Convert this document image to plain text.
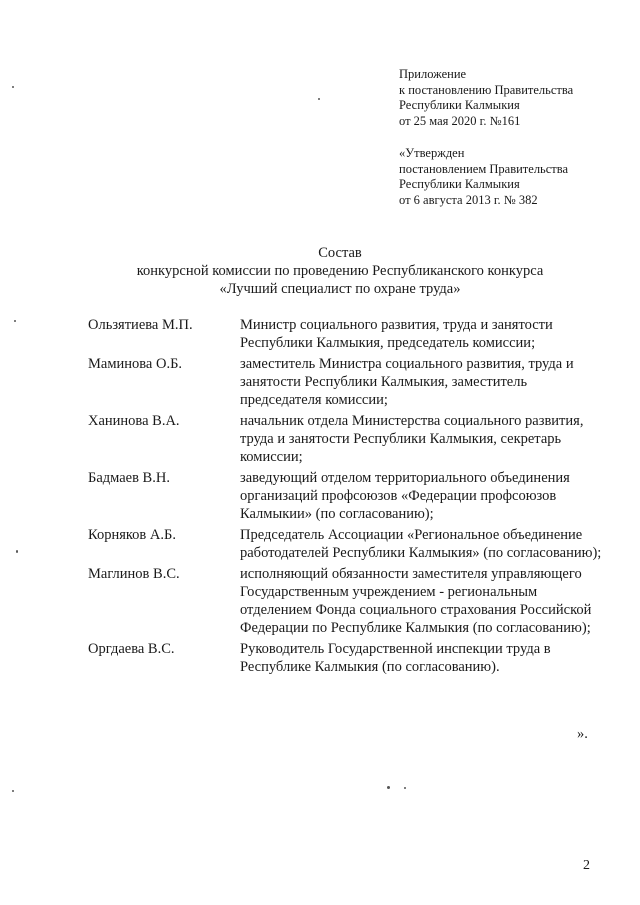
Приложение
к постановлению Правительства
Республики Калмыкия
от 25 мая 2020 г. №161
«Утвержден
постановлением Правительства
Республики Калмыкия
от 6 августа 2013 г. № 382
Состав
конкурсной комиссии по проведению Республиканского конкурса
«Лучший специалист по охране труда»
Ользятиева М.П.	Министр социального развития, труда и занятости Республики Калмыкия, председатель комиссии;
Маминова О.Б.	заместитель Министра социального развития, труда и занятости Республики Калмыкия, заместитель председателя комиссии;
Ханинова В.А.	начальник отдела Министерства социального развития, труда и занятости Республики Калмыкия, секретарь комиссии;
Бадмаев В.Н.	заведующий отделом территориального объединения организаций профсоюзов «Федерации профсоюзов Калмыкии» (по согласованию);
Корняков А.Б.	Председатель Ассоциации «Региональное объединение работодателей Республики Калмыкия» (по согласованию);
Маглинов В.С.	исполняющий обязанности заместителя управляющего Государственным учреждением - региональным отделением Фонда социального страхования Российской Федерации по Республике Калмыкия (по согласованию);
Оргдаева В.С.	Руководитель Государственной инспекции труда в Республике Калмыкия (по согласованию).
».
2
